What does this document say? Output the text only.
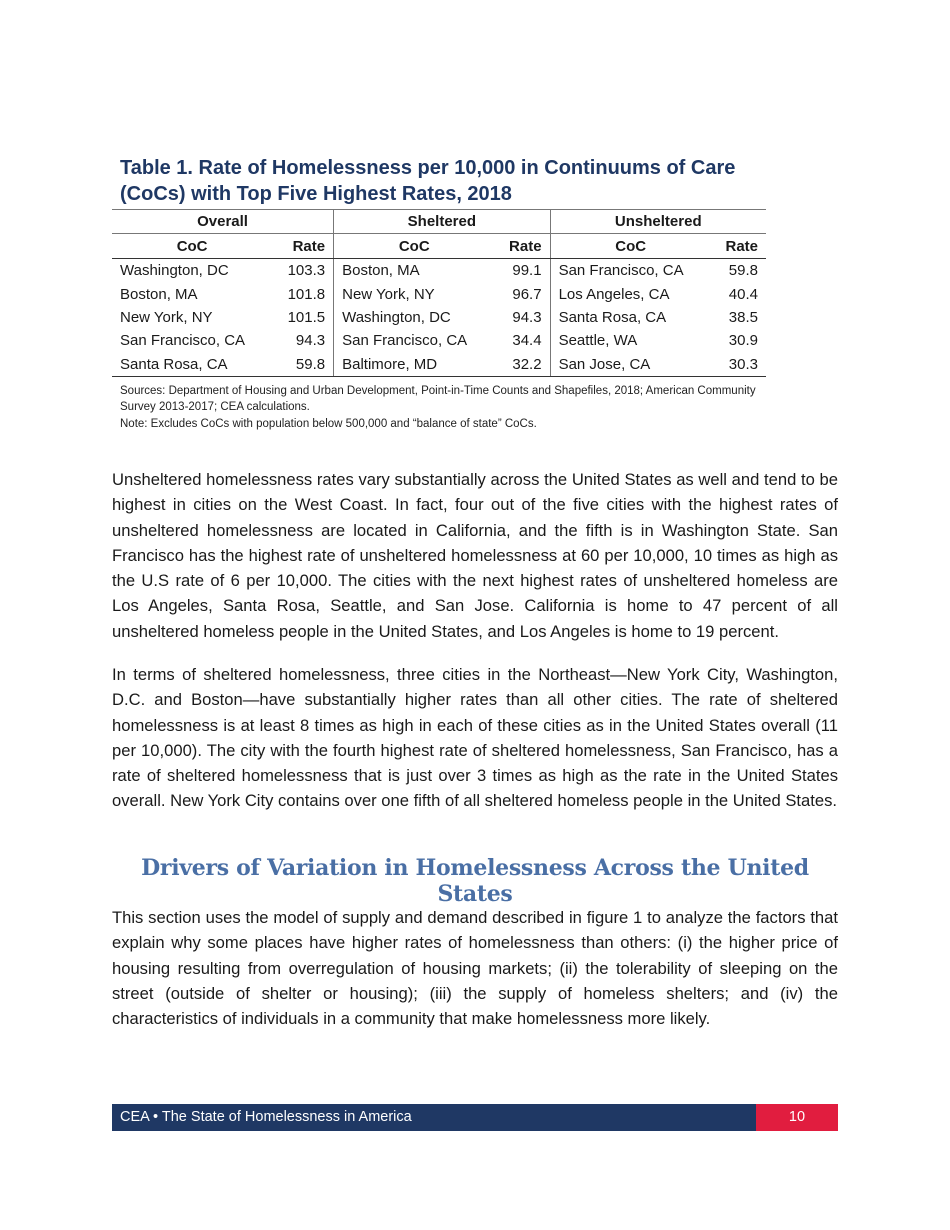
Table 1. Rate of Homelessness per 10,000 in Continuums of Care (CoCs) with Top Five Highest Rates, 2018
Overall		Sheltered		Unsheltered	
CoC	Rate	CoC	Rate	CoC	Rate
Washington, DC	103.3	Boston, MA	99.1	San Francisco, CA	59.8
Boston, MA	101.8	New York, NY	96.7	Los Angeles, CA	40.4
New York, NY	101.5	Washington, DC	94.3	Santa Rosa, CA	38.5
San Francisco, CA	94.3	San Francisco, CA	34.4	Seattle, WA	30.9
Santa Rosa, CA	59.8	Baltimore, MD	32.2	San Jose, CA	30.3

Sources: Department of Housing and Urban Development, Point-in-Time Counts and Shapefiles, 2018; American Community Survey 2013-2017; CEA calculations.

Note: Excludes CoCs with population below 500,000 and “balance of state” CoCs.

Unsheltered homelessness rates vary substantially across the United States as well and tend to be highest in cities on the West Coast. In fact, four out of the five cities with the highest rates of unsheltered homelessness are located in California, and the fifth is in Washington State. San Francisco has the highest rate of unsheltered homelessness at 60 per 10,000, 10 times as high as the U.S rate of 6 per 10,000. The cities with the next highest rates of unsheltered homeless are Los Angeles, Santa Rosa, Seattle, and San Jose. California is home to 47 percent of all unsheltered homeless people in the United States, and Los Angeles is home to 19 percent.

In terms of sheltered homelessness, three cities in the Northeast—New York City, Washington, D.C. and Boston—have substantially higher rates than all other cities. The rate of sheltered homelessness is at least 8 times as high in each of these cities as in the United States overall (11 per 10,000). The city with the fourth highest rate of sheltered homelessness, San Francisco, has a rate of sheltered homelessness that is just over 3 times as high as the rate in the United States overall. New York City contains over one fifth of all sheltered homeless people in the United States.

Drivers of Variation in Homelessness Across the United States

This section uses the model of supply and demand described in figure 1 to analyze the factors that explain why some places have higher rates of homelessness than others: (i) the higher price of housing resulting from overregulation of housing markets; (ii) the tolerability of sleeping on the street (outside of shelter or housing); (iii) the supply of homeless shelters; and (iv) the characteristics of individuals in a community that make homelessness more likely.

CEA • The State of Homelessness in America	10
